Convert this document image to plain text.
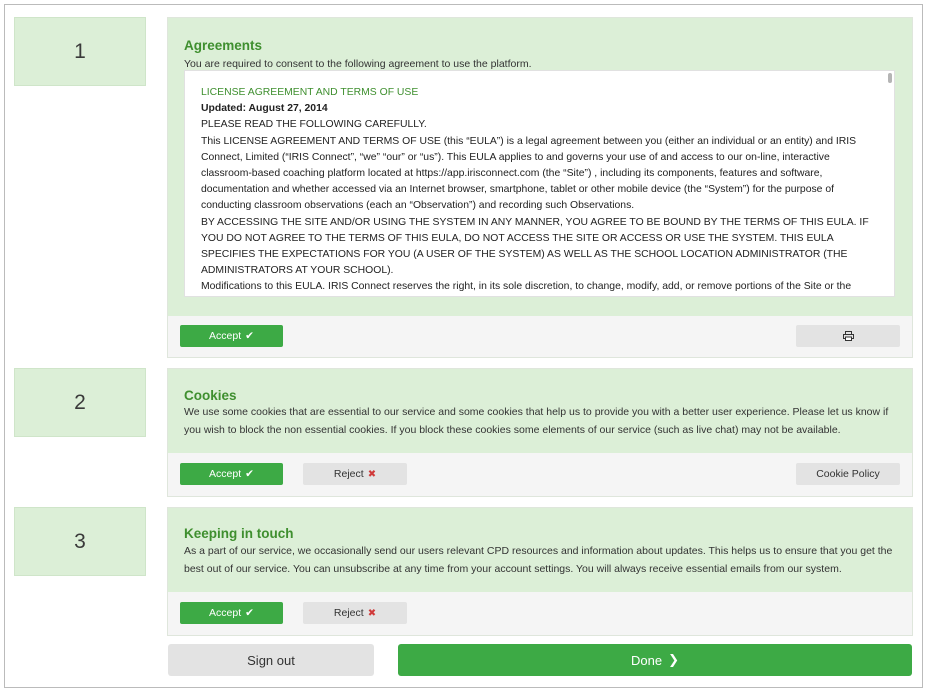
1
2
3
Agreements
You are required to consent to the following agreement to use the platform.
LICENSE AGREEMENT AND TERMS OF USE
Updated: August 27, 2014
PLEASE READ THE FOLLOWING CAREFULLY.
This LICENSE AGREEMENT AND TERMS OF USE (this “EULA”) is a legal agreement between you (either an individual or an entity) and IRIS Connect, Limited (“IRIS Connect”, “we” “our” or “us”). This EULA applies to and governs your use of and access to our on-line, interactive classroom-based coaching platform located at https://app.irisconnect.com (the “Site”) , including its components, features and software, documentation and whether accessed via an Internet browser, smartphone, tablet or other mobile device (the “System”) for the purpose of conducting classroom observations (each an “Observation”) and recording such Observations.
BY ACCESSING THE SITE AND/OR USING THE SYSTEM IN ANY MANNER, YOU AGREE TO BE BOUND BY THE TERMS OF THIS EULA. IF YOU DO NOT AGREE TO THE TERMS OF THIS EULA, DO NOT ACCESS THE SITE OR ACCESS OR USE THE SYSTEM. THIS EULA SPECIFIES THE EXPECTATIONS FOR YOU (A USER OF THE SYSTEM) AS WELL AS THE SCHOOL LOCATION ADMINISTRATOR (THE ADMINISTRATORS AT YOUR SCHOOL).
Modifications to this EULA. IRIS Connect reserves the right, in its sole discretion, to change, modify, add, or remove portions of the Site or the
Accept ✔
Cookies
We use some cookies that are essential to our service and some cookies that help us to provide you with a better user experience. Please let us know if you wish to block the non essential cookies. If you block these cookies some elements of our service (such as live chat) may not be available.
Accept ✔	Reject ✖	Cookie Policy
Keeping in touch
As a part of our service, we occasionally send our users relevant CPD resources and information about updates. This helps us to ensure that you get the best out of our service. You can unsubscribe at any time from your account settings. You will always receive essential emails from our system.
Accept ✔	Reject ✖
Sign out	Done ❯
